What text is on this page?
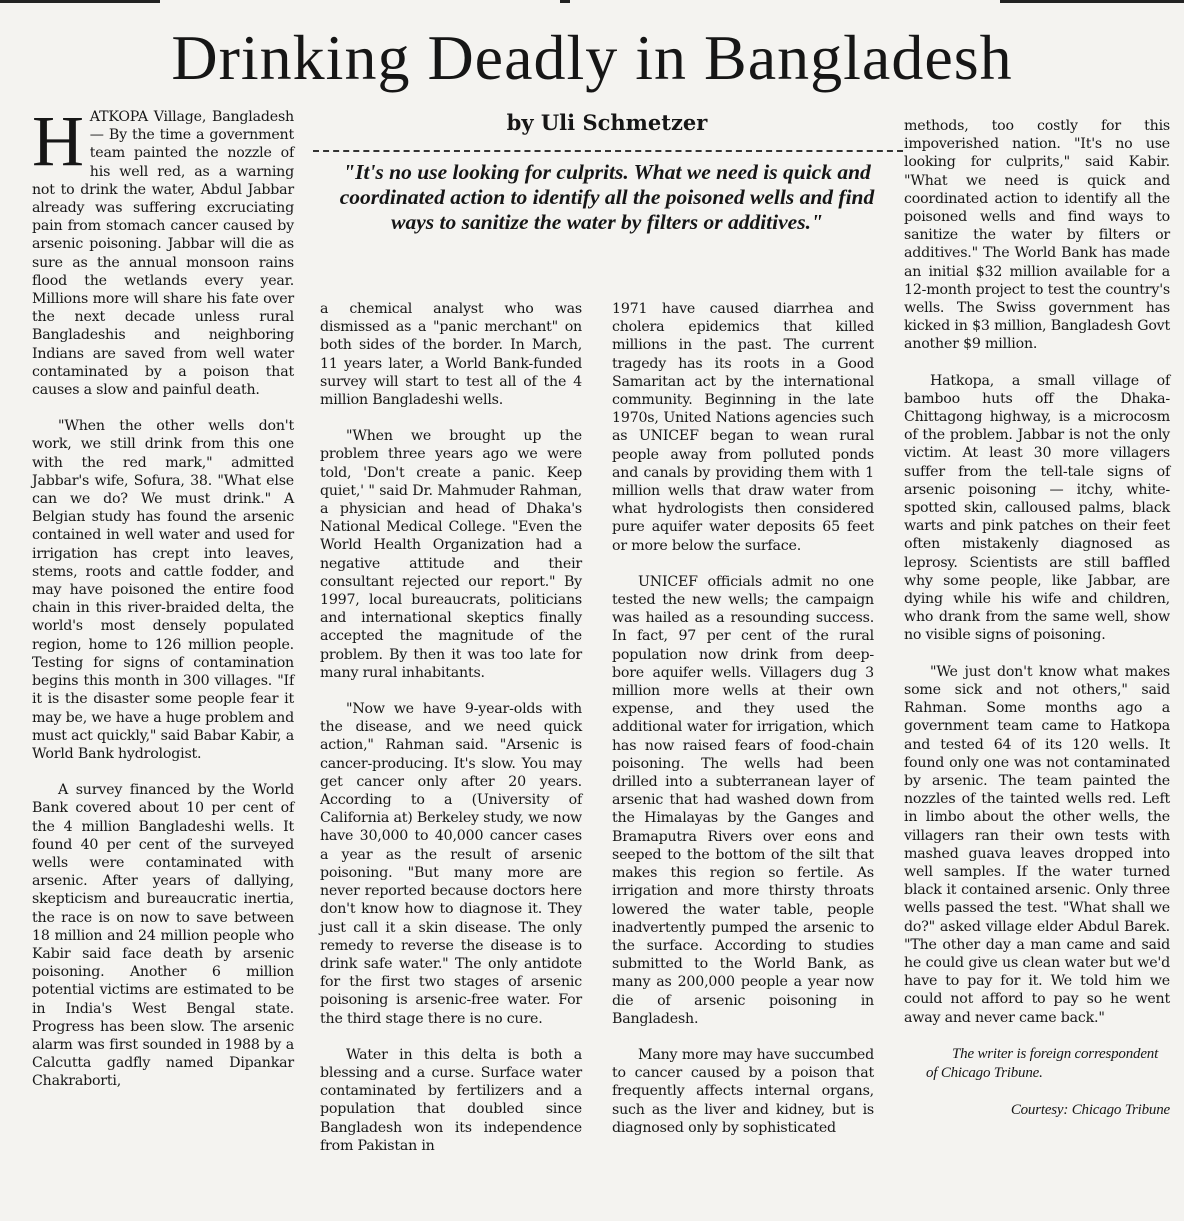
Drinking Deadly in Bangladesh
by Uli Schmetzer

"It's no use looking for culprits. What we need is quick and coordinated action to identify all the poisoned wells and find ways to sanitize the water by filters or additives."

HATKOPA Village, Bangladesh — By the time a government team painted the nozzle of his well red, as a warning not to drink the water, Abdul Jabbar already was suffering excruciating pain from stomach cancer caused by arsenic poisoning. Jabbar will die as sure as the annual monsoon rains flood the wetlands every year. Millions more will share his fate over the next decade unless rural Bangladeshis and neighboring Indians are saved from well water contaminated by a poison that causes a slow and painful death.

"When the other wells don't work, we still drink from this one with the red mark," admitted Jabbar's wife, Sofura, 38. "What else can we do? We must drink." A Belgian study has found the arsenic contained in well water and used for irrigation has crept into leaves, stems, roots and cattle fodder, and may have poisoned the entire food chain in this river-braided delta, the world's most densely populated region, home to 126 million people. Testing for signs of contamination begins this month in 300 villages. "If it is the disaster some people fear it may be, we have a huge problem and must act quickly," said Babar Kabir, a World Bank hydrologist.

A survey financed by the World Bank covered about 10 per cent of the 4 million Bangladeshi wells. It found 40 per cent of the surveyed wells were contaminated with arsenic. After years of dallying, skepticism and bureaucratic inertia, the race is on now to save between 18 million and 24 million people who Kabir said face death by arsenic poisoning. Another 6 million potential victims are estimated to be in India's West Bengal state. Progress has been slow. The arsenic alarm was first sounded in 1988 by a Calcutta gadfly named Dipankar Chakraborti,

a chemical analyst who was dismissed as a "panic merchant" on both sides of the border. In March, 11 years later, a World Bank-funded survey will start to test all of the 4 million Bangladeshi wells.

"When we brought up the problem three years ago we were told, 'Don't create a panic. Keep quiet,' " said Dr. Mahmuder Rahman, a physician and head of Dhaka's National Medical College. "Even the World Health Organization had a negative attitude and their consultant rejected our report." By 1997, local bureaucrats, politicians and international skeptics finally accepted the magnitude of the problem. By then it was too late for many rural inhabitants.

"Now we have 9-year-olds with the disease, and we need quick action," Rahman said. "Arsenic is cancer-producing. It's slow. You may get cancer only after 20 years. According to a (University of California at) Berkeley study, we now have 30,000 to 40,000 cancer cases a year as the result of arsenic poisoning. "But many more are never reported because doctors here don't know how to diagnose it. They just call it a skin disease. The only remedy to reverse the disease is to drink safe water." The only antidote for the first two stages of arsenic poisoning is arsenic-free water. For the third stage there is no cure.

Water in this delta is both a blessing and a curse. Surface water contaminated by fertilizers and a population that doubled since Bangladesh won its independence from Pakistan in

1971 have caused diarrhea and cholera epidemics that killed millions in the past. The current tragedy has its roots in a Good Samaritan act by the international community. Beginning in the late 1970s, United Nations agencies such as UNICEF began to wean rural people away from polluted ponds and canals by providing them with 1 million wells that draw water from what hydrologists then considered pure aquifer water deposits 65 feet or more below the surface.

UNICEF officials admit no one tested the new wells; the campaign was hailed as a resounding success. In fact, 97 per cent of the rural population now drink from deep-bore aquifer wells. Villagers dug 3 million more wells at their own expense, and they used the additional water for irrigation, which has now raised fears of food-chain poisoning. The wells had been drilled into a subterranean layer of arsenic that had washed down from the Himalayas by the Ganges and Bramaputra Rivers over eons and seeped to the bottom of the silt that makes this region so fertile. As irrigation and more thirsty throats lowered the water table, people inadvertently pumped the arsenic to the surface. According to studies submitted to the World Bank, as many as 200,000 people a year now die of arsenic poisoning in Bangladesh.

Many more may have succumbed to cancer caused by a poison that frequently affects internal organs, such as the liver and kidney, but is diagnosed only by sophisticated

methods, too costly for this impoverished nation. "It's no use looking for culprits," said Kabir. "What we need is quick and coordinated action to identify all the poisoned wells and find ways to sanitize the water by filters or additives." The World Bank has made an initial $32 million available for a 12-month project to test the country's wells. The Swiss government has kicked in $3 million, Bangladesh Govt another $9 million.

Hatkopa, a small village of bamboo huts off the Dhaka-Chittagong highway, is a microcosm of the problem. Jabbar is not the only victim. At least 30 more villagers suffer from the tell-tale signs of arsenic poisoning — itchy, white-spotted skin, calloused palms, black warts and pink patches on their feet often mistakenly diagnosed as leprosy. Scientists are still baffled why some people, like Jabbar, are dying while his wife and children, who drank from the same well, show no visible signs of poisoning.

"We just don't know what makes some sick and not others," said Rahman. Some months ago a government team came to Hatkopa and tested 64 of its 120 wells. It found only one was not contaminated by arsenic. The team painted the nozzles of the tainted wells red. Left in limbo about the other wells, the villagers ran their own tests with mashed guava leaves dropped into well samples. If the water turned black it contained arsenic. Only three wells passed the test. "What shall we do?" asked village elder Abdul Barek. "The other day a man came and said he could give us clean water but we'd have to pay for it. We told him we could not afford to pay so he went away and never came back."

The writer is foreign correspondent of Chicago Tribune.

Courtesy: Chicago Tribune
